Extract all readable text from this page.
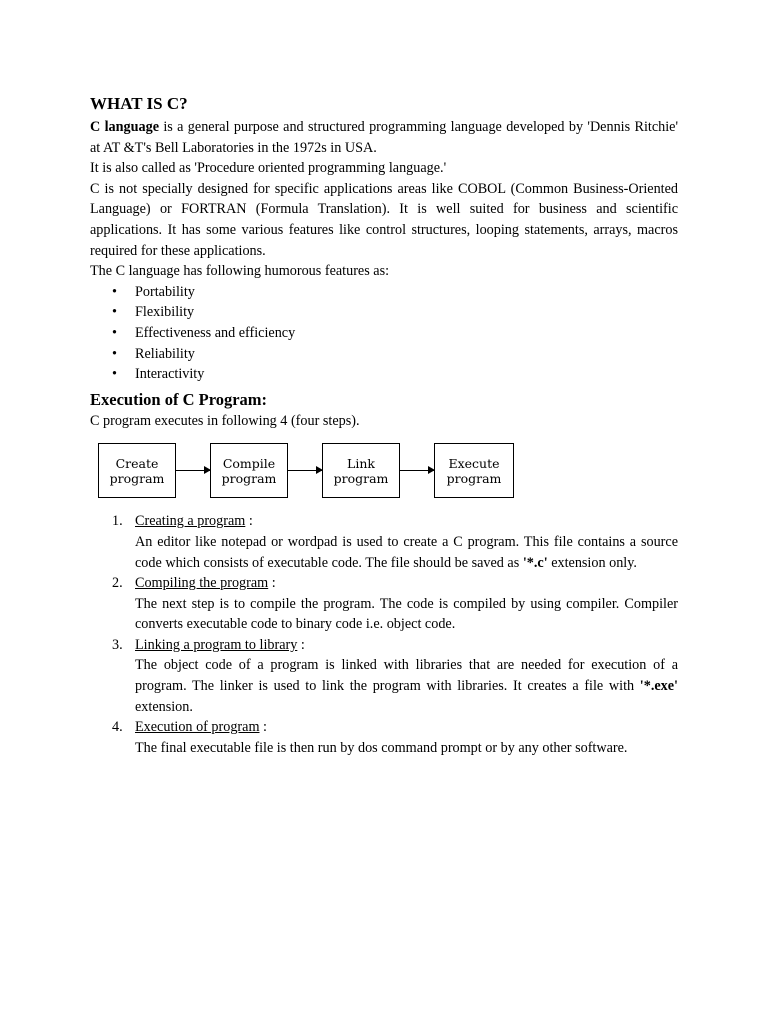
WHAT IS C?

C language is a general purpose and structured programming language developed by 'Dennis Ritchie' at AT &T's Bell Laboratories in the 1972s in USA.

It is also called as 'Procedure oriented programming language.'

C is not specially designed for specific applications areas like COBOL (Common Business-Oriented Language) or FORTRAN (Formula Translation). It is well suited for business and scientific applications. It has some various features like control structures, looping statements, arrays, macros required for these applications.

The C language has following humorous features as:

• Portability
• Flexibility
• Effectiveness and efficiency
• Reliability
• Interactivity
Execution of C Program:

C program executes in following 4 (four steps).

Create
program
Compile
program
Link
program
Execute
program
1. Creating a program :

An editor like notepad or wordpad is used to create a C program. This file contains a source code which consists of executable code. The file should be saved as '*.c' extension only.

2. Compiling the program :

The next step is to compile the program. The code is compiled by using compiler. Compiler converts executable code to binary code i.e. object code.

3. Linking a program to library :

The object code of a program is linked with libraries that are needed for execution of a program. The linker is used to link the program with libraries. It creates a file with '*.exe' extension.

4. Execution of program :

The final executable file is then run by dos command prompt or by any other software.
